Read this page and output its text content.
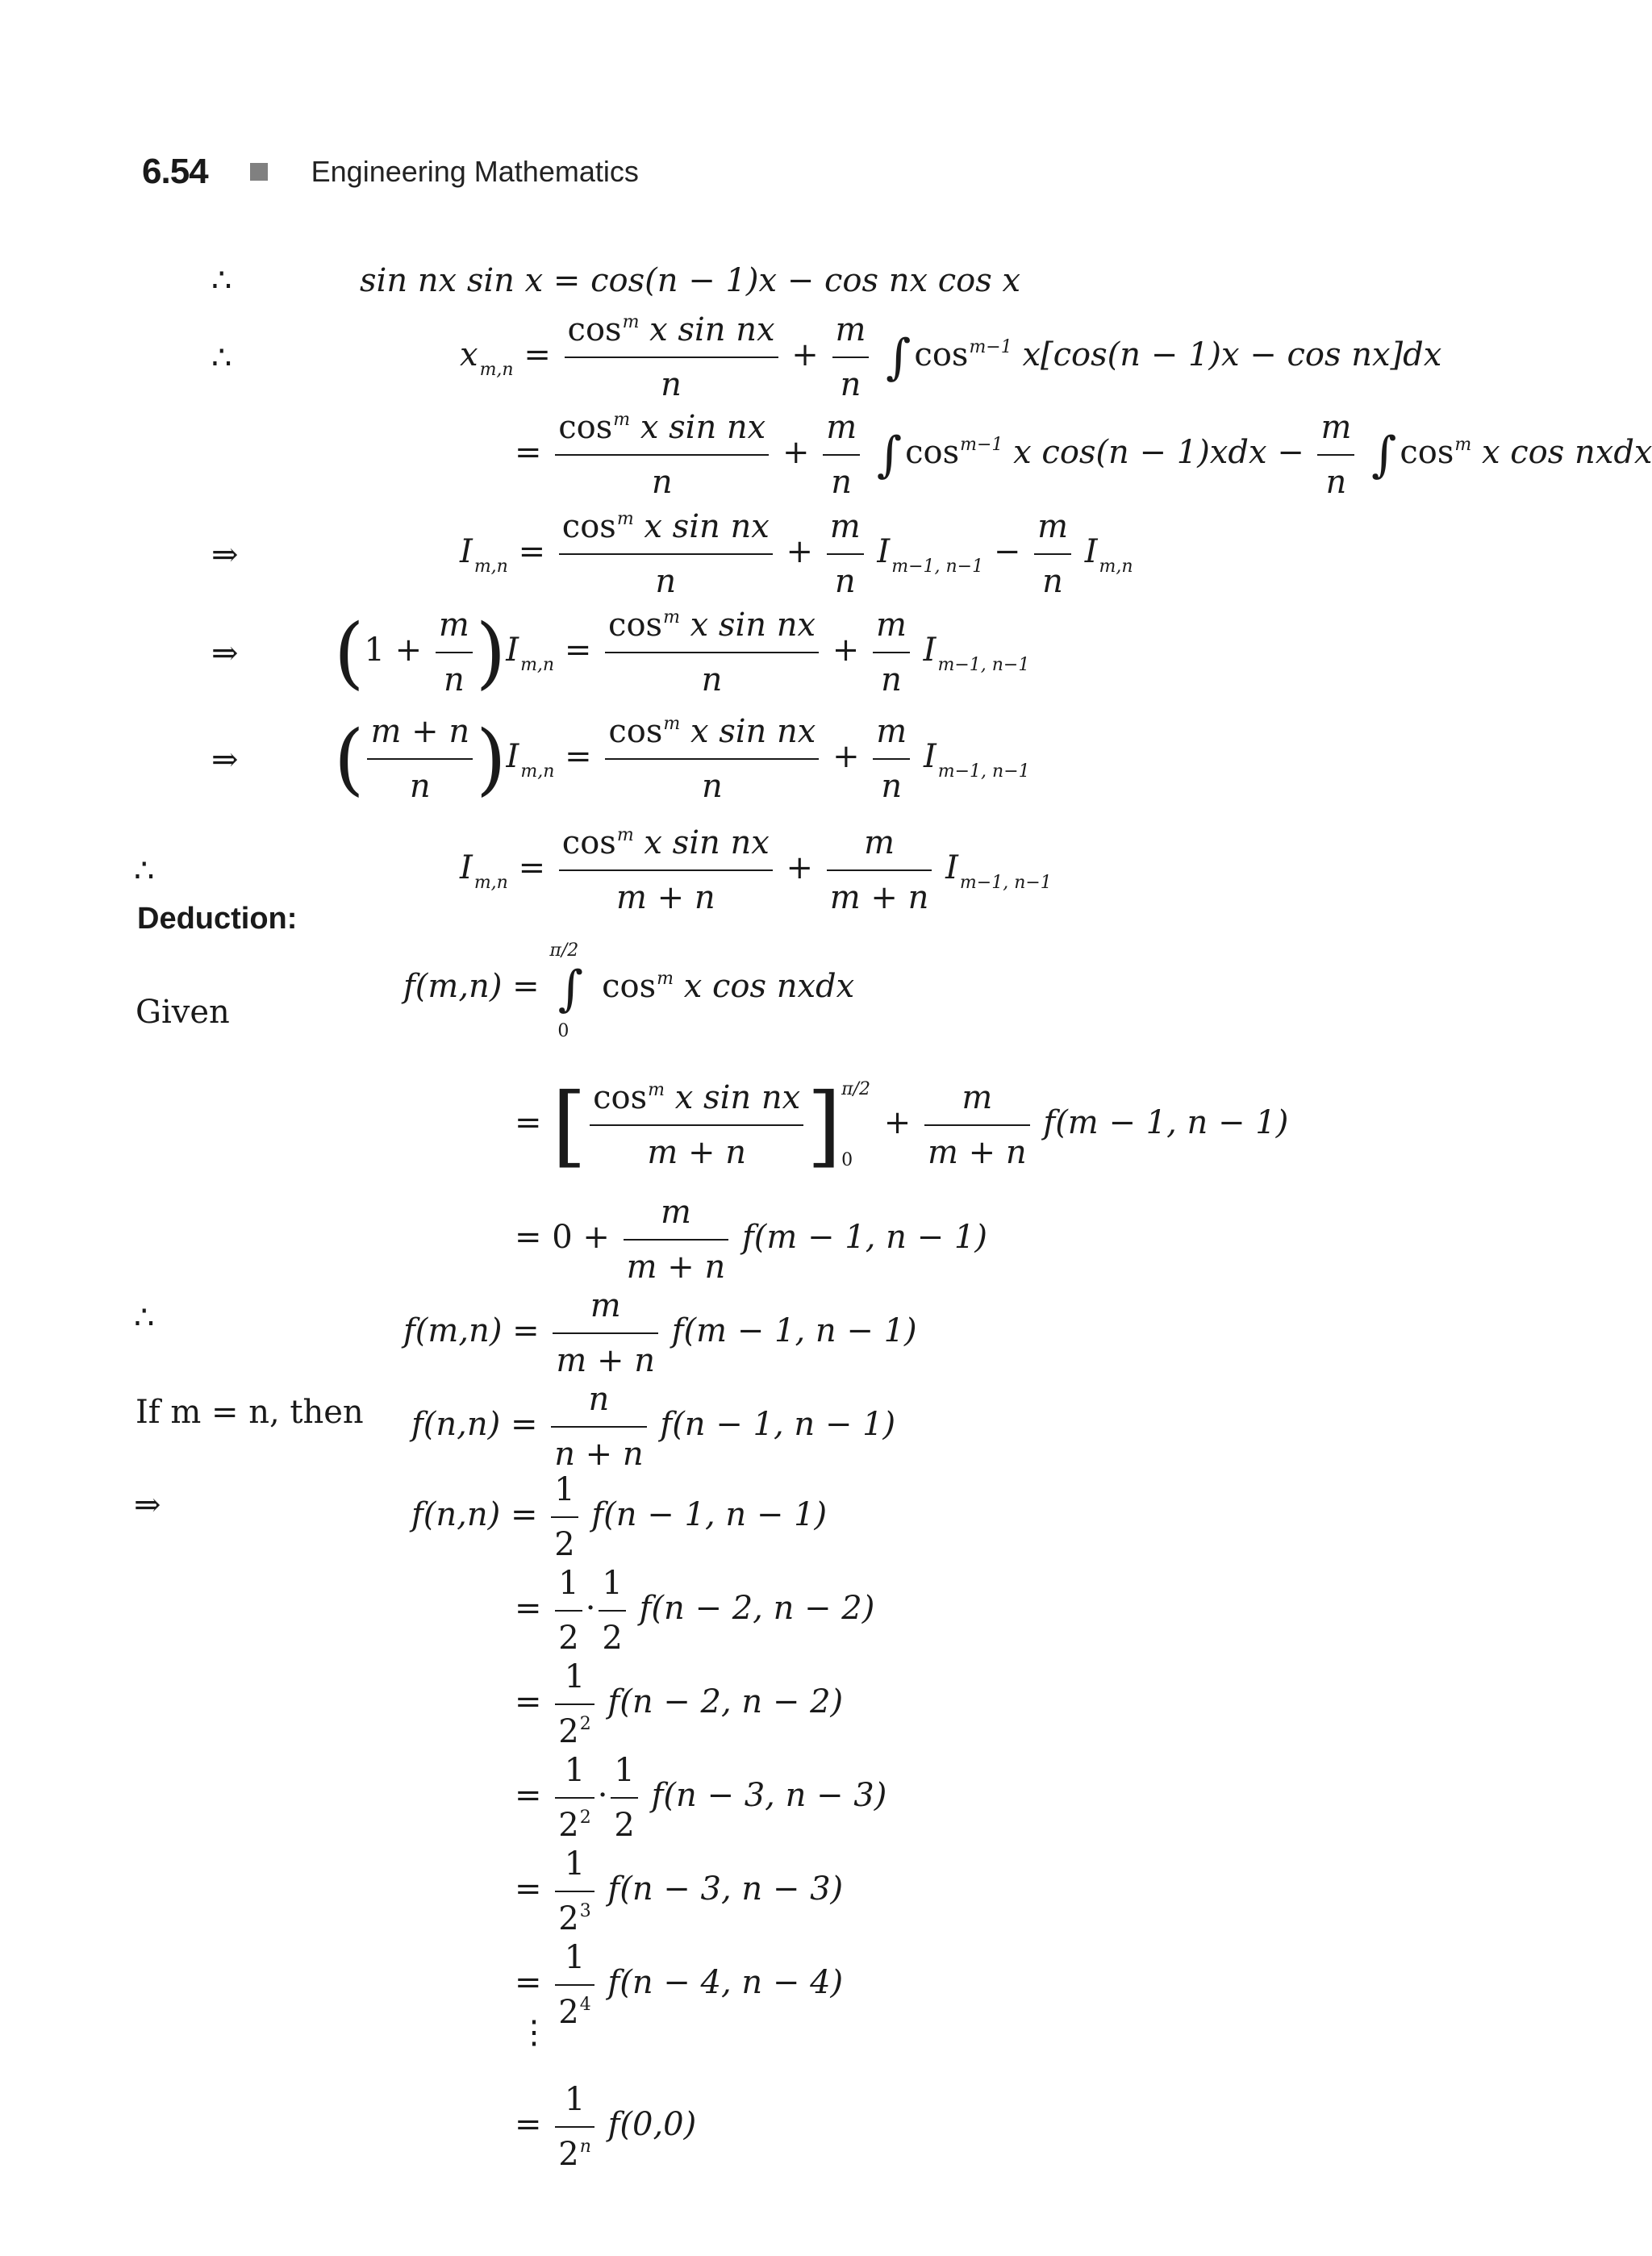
6.54	Engineering Mathematics
∴	sin nx sin x = cos(n − 1)x − cos nx cos x
∴	$x_{m,n} = \frac{\cos^m x \sin nx}{n} + \frac{m}{n}$ ∫ $\cos^{m-1} x[\cos(n - 1)x - \cos nx]dx$
= $\frac{\cos^m x \sin nx}{n} + \frac{m}{n}$ ∫ $\cos^{m-1} x$ $\cos(n - 1)xdx - \frac{m}{n}$ ∫ $\cos^m x$ cos nxdx
⇒	$I_{m,n} = \frac{\cos^m x \sin nx}{n} + \frac{m}{n} I_{m-1, n-1} - \frac{m}{n} I_{m,n}$
⇒ $(1 + \frac{m}{n} )I_{m,n} = \frac{\cos^m x \sin nx}{n} + \frac{m}{n} I_{m-1, n-1}$
⇒ ( $\frac{m + n}{n} )I_{m,n} = \frac{\cos^m x \sin nx}{n} + \frac{m}{n} I_{m-1, n-1}$
∴	$I_{m,n} = \frac{\cos^m x \sin nx}{m + n} + \frac{m}{m + n} I_{m-1, n-1}$
Deduction:
Given
f(m,n) =
π/2
∫
0
$\cos^m x$ cos nxdx
= [ $\frac{\cos^m x \sin nx}{m + n}$ ] π/2
0
+ $\frac{m}{m + n} f(m - 1$, n − 1)
= $0 + \frac{m}{m + n} f(m - 1$, n − 1)
∴	$f(m,n) = \frac{m}{m + n} f(m - 1$, n − 1)
If m = n, then $f(n,n) = \frac{n}{n + n} f(n - 1$, n − 1)
⇒	$f(n,n) = \frac{1}{2} f(n - 1$, n − 1)
= $\frac{1}{2} \cdot \frac{1}{2} f(n - 2$, n − 2)
= $\frac{1}{2^2} f(n - 2$, n − 2)
= $\frac{1}{2^2} \cdot \frac{1}{2} f(n - 3$, n − 3)
= $\frac{1}{2^3} f(n - 3$, n − 3)
= $\frac{1}{2^4} f(n - 4$, n − 4)
⋮
= $\frac{1}{2^n} f(0,0)$
